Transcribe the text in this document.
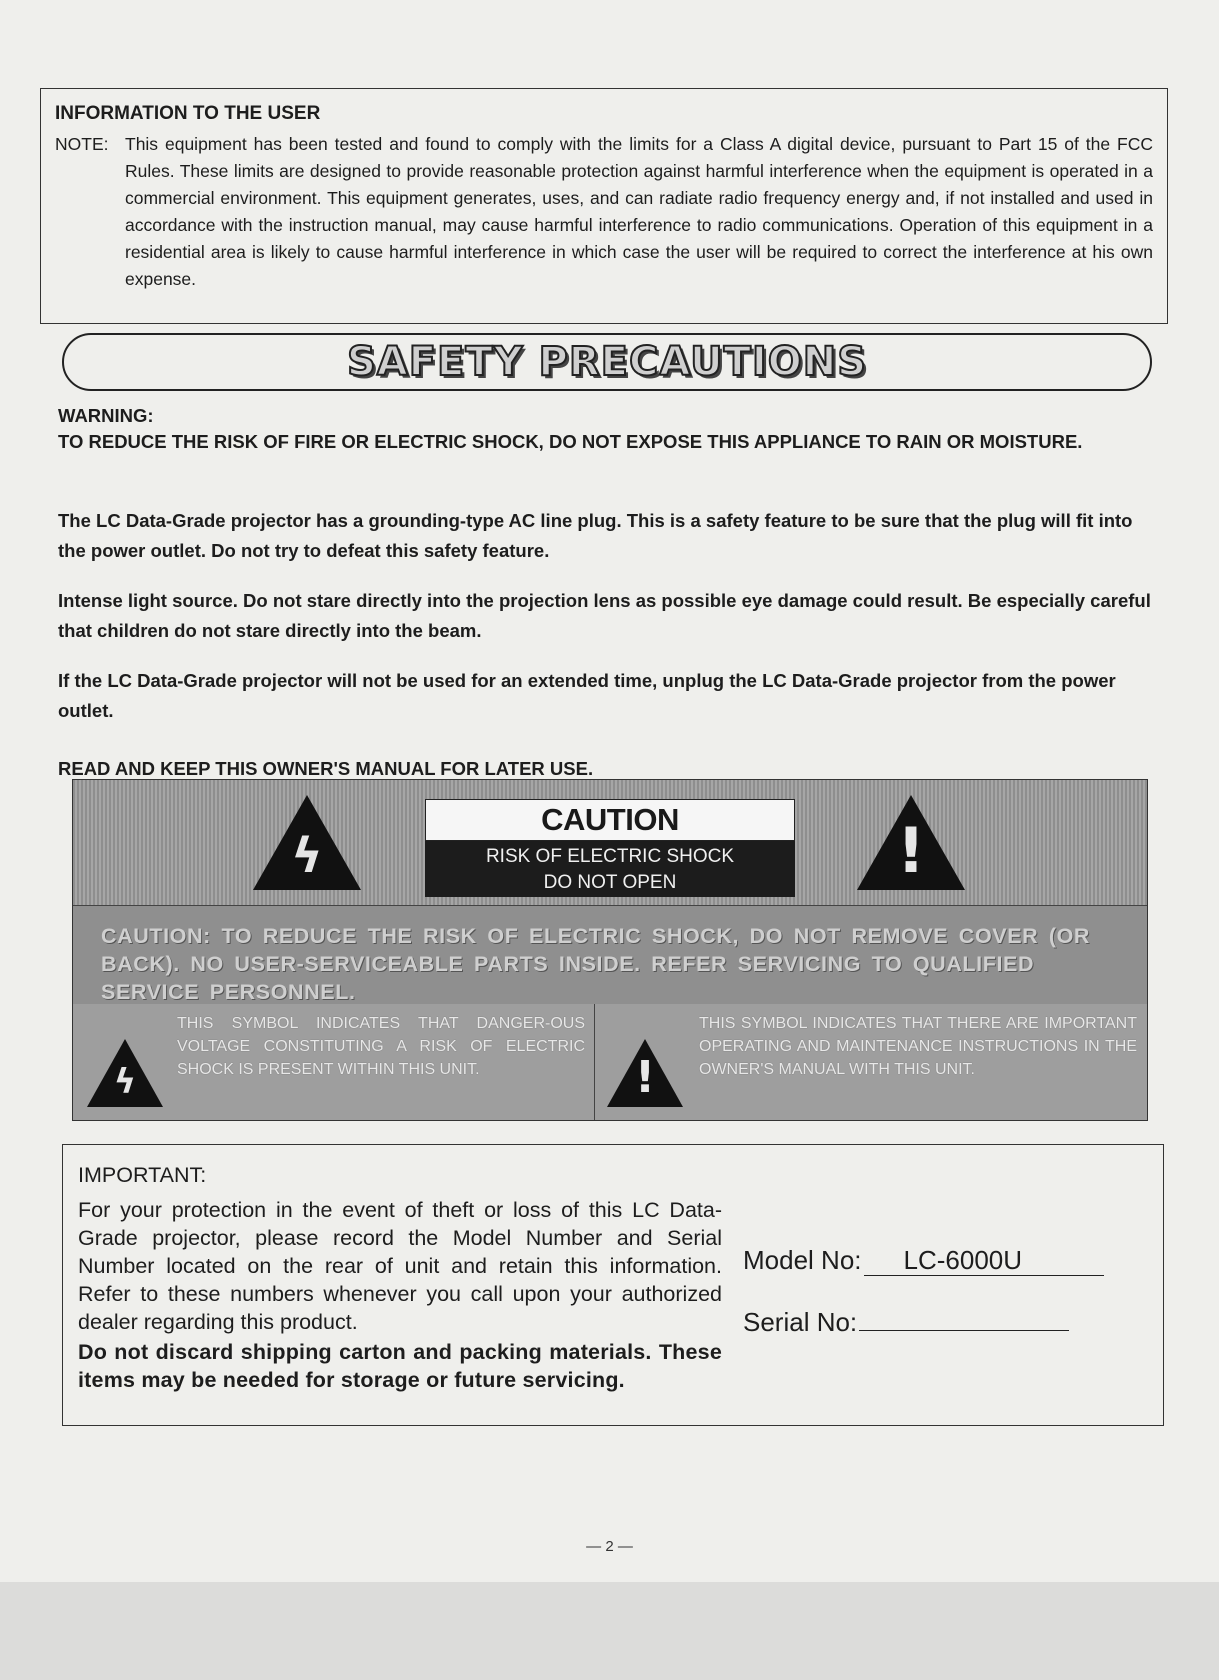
INFORMATION TO THE USER
NOTE: This equipment has been tested and found to comply with the limits for a Class A digital device, pursuant to Part 15 of the FCC Rules. These limits are designed to provide reasonable protection against harmful interference when the equipment is operated in a commercial environment. This equipment generates, uses, and can radiate radio frequency energy and, if not installed and used in accordance with the instruction manual, may cause harmful interference to radio communications. Operation of this equipment in a residential area is likely to cause harmful interference in which case the user will be required to correct the interference at his own expense.
SAFETY PRECAUTIONS
WARNING:
TO REDUCE THE RISK OF FIRE OR ELECTRIC SHOCK, DO NOT EXPOSE THIS APPLIANCE TO RAIN OR MOISTURE.
The LC Data-Grade projector has a grounding-type AC line plug. This is a safety feature to be sure that the plug will fit into the power outlet. Do not try to defeat this safety feature.
Intense light source. Do not stare directly into the projection lens as possible eye damage could result. Be especially careful that children do not stare directly into the beam.
If the LC Data-Grade projector will not be used for an extended time, unplug the LC Data-Grade projector from the power outlet.
READ AND KEEP THIS OWNER'S MANUAL FOR LATER USE.
ϟ
CAUTION
RISK OF ELECTRIC SHOCK
DO NOT OPEN	!
CAUTION: TO REDUCE THE RISK OF ELECTRIC SHOCK, DO NOT REMOVE COVER (OR BACK). NO USER-SERVICEABLE PARTS INSIDE. REFER SERVICING TO QUALIFIED SERVICE PERSONNEL.
ϟ
THIS SYMBOL INDICATES THAT DANGER-OUS VOLTAGE CONSTITUTING A RISK OF ELECTRIC SHOCK IS PRESENT WITHIN THIS UNIT.	!
THIS SYMBOL INDICATES THAT THERE ARE IMPORTANT OPERATING AND MAINTENANCE INSTRUCTIONS IN THE OWNER'S MANUAL WITH THIS UNIT.
IMPORTANT:
For your protection in the event of theft or loss of this LC Data-Grade projector, please record the Model Number and Serial Number located on the rear of unit and retain this information. Refer to these numbers whenever you call upon your authorized dealer regarding this product.
Do not discard shipping carton and packing materials. These items may be needed for storage or future servicing.
Model No:	LC-6000U
Serial No:
— 2 —
